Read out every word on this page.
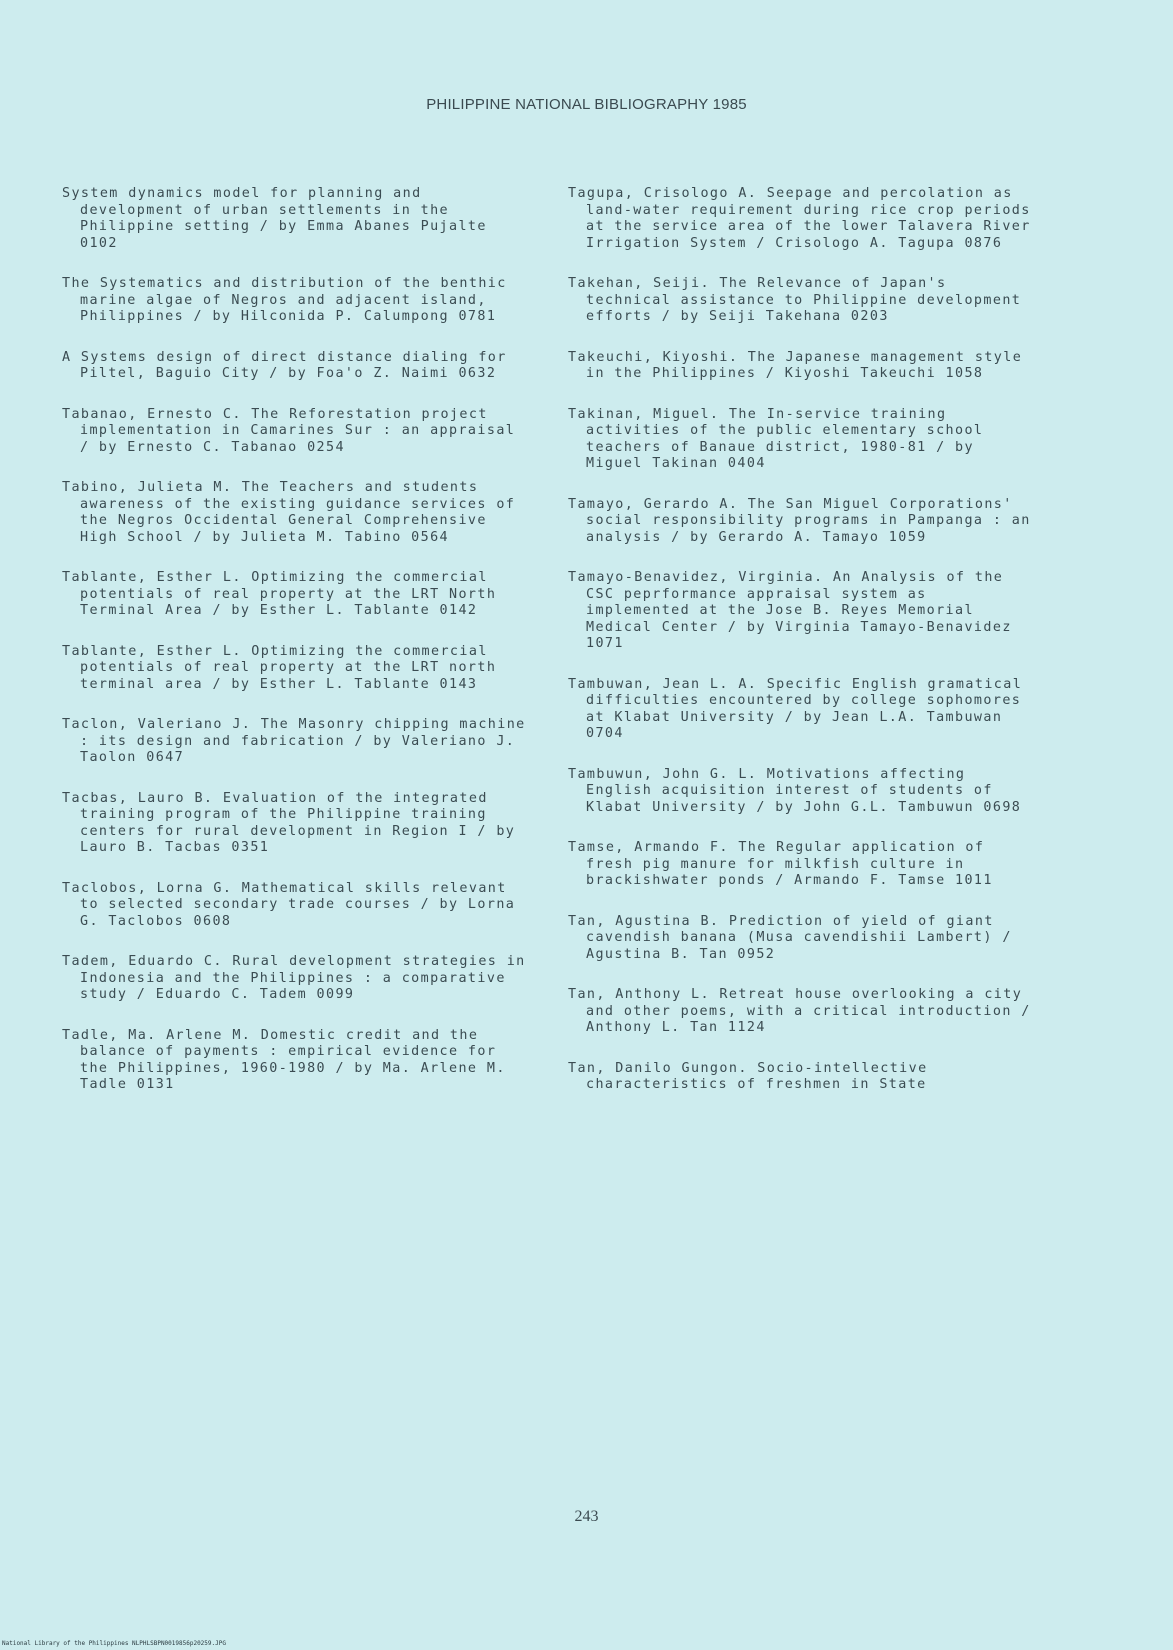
PHILIPPINE NATIONAL BIBLIOGRAPHY 1985
System dynamics model for planning and development of urban settlements in the Philippine setting / by Emma Abanes Pujalte 0102
The Systematics and distribution of the benthic marine algae of Negros and adjacent island, Philippines / by Hilconida P. Calumpong 0781
A Systems design of direct distance dialing for Piltel, Baguio City / by Foa'o Z. Naimi 0632
Tabanao, Ernesto C. The Reforestation project implementation in Camarines Sur : an appraisal / by Ernesto C. Tabanao 0254
Tabino, Julieta M. The Teachers and students awareness of the existing guidance services of the Negros Occidental General Comprehensive High School / by Julieta M. Tabino 0564
Tablante, Esther L. Optimizing the commercial potentials of real property at the LRT North Terminal Area / by Esther L. Tablante 0142
Tablante, Esther L. Optimizing the commercial potentials of real property at the LRT north terminal area / by Esther L. Tablante 0143
Taclon, Valeriano J. The Masonry chipping machine : its design and fabrication / by Valeriano J. Taolon 0647
Tacbas, Lauro B. Evaluation of the integrated training program of the Philippine training centers for rural development in Region I / by Lauro B. Tacbas 0351
Taclobos, Lorna G. Mathematical skills relevant to selected secondary trade courses / by Lorna G. Taclobos 0608
Tadem, Eduardo C. Rural development strategies in Indonesia and the Philippines : a comparative study / Eduardo C. Tadem 0099
Tadle, Ma. Arlene M. Domestic credit and the balance of payments : empirical evidence for the Philippines, 1960-1980 / by Ma. Arlene M. Tadle 0131
Tagupa, Crisologo A. Seepage and percolation as land-water requirement during rice crop periods at the service area of the lower Talavera River Irrigation System / Crisologo A. Tagupa 0876
Takehan, Seiji. The Relevance of Japan's technical assistance to Philippine development efforts / by Seiji Takehana 0203
Takeuchi, Kiyoshi. The Japanese management style in the Philippines / Kiyoshi Takeuchi 1058
Takinan, Miguel. The In-service training activities of the public elementary school teachers of Banaue district, 1980-81 / by Miguel Takinan 0404
Tamayo, Gerardo A. The San Miguel Corporations' social responsibility programs in Pampanga : an analysis / by Gerardo A. Tamayo 1059
Tamayo-Benavidez, Virginia. An Analysis of the CSC peprformance appraisal system as implemented at the Jose B. Reyes Memorial Medical Center / by Virginia Tamayo-Benavidez 1071
Tambuwan, Jean L. A. Specific English gramatical difficulties encountered by college sophomores at Klabat University / by Jean L.A. Tambuwan 0704
Tambuwun, John G. L. Motivations affecting English acquisition interest of students of Klabat University / by John G.L. Tambuwun 0698
Tamse, Armando F. The Regular application of fresh pig manure for milkfish culture in brackishwater ponds / Armando F. Tamse 1011
Tan, Agustina B. Prediction of yield of giant cavendish banana (Musa cavendishii Lambert) / Agustina B. Tan 0952
Tan, Anthony L. Retreat house overlooking a city and other poems, with a critical introduction / Anthony L. Tan 1124
Tan, Danilo Gungon. Socio-intellective characteristics of freshmen in State
243
National Library of the Philippines NLPHLSBPN0019856p20259.JPG
